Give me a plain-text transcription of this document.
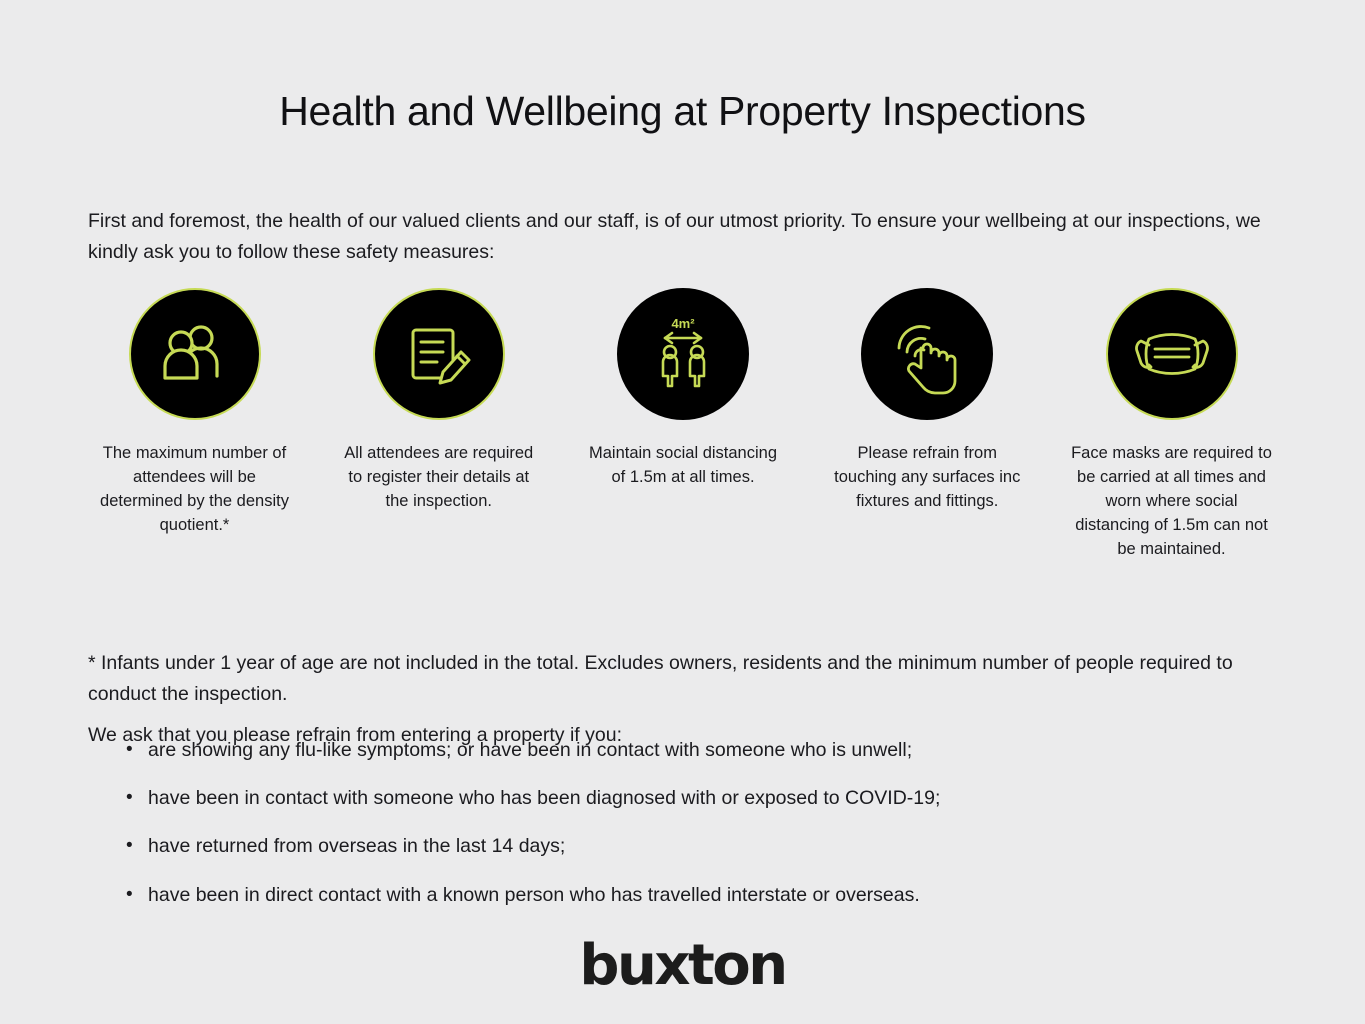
Health and Wellbeing at Property Inspections

First and foremost, the health of our valued clients and our staff, is of our utmost priority. To ensure your wellbeing at our inspections, we kindly ask you to follow these safety measures:

The maximum number of attendees will be determined by the density quotient.*
All attendees are required to register their details at the inspection.
4m²
Maintain social distancing of 1.5m at all times.
Please refrain from touching any surfaces inc fixtures and fittings.
Face masks are required to be carried at all times and worn where social distancing of 1.5m can not be maintained.

* Infants under 1 year of age are not included in the total. Excludes owners, residents and the minimum number of people required to conduct the inspection.

We ask that you please refrain from entering a property if you:

• are showing any flu-like symptoms; or have been in contact with someone who is unwell;
• have been in contact with someone who has been diagnosed with or exposed to COVID-19;
• have returned from overseas in the last 14 days;
• have been in direct contact with a known person who has travelled interstate or overseas.
buxton
